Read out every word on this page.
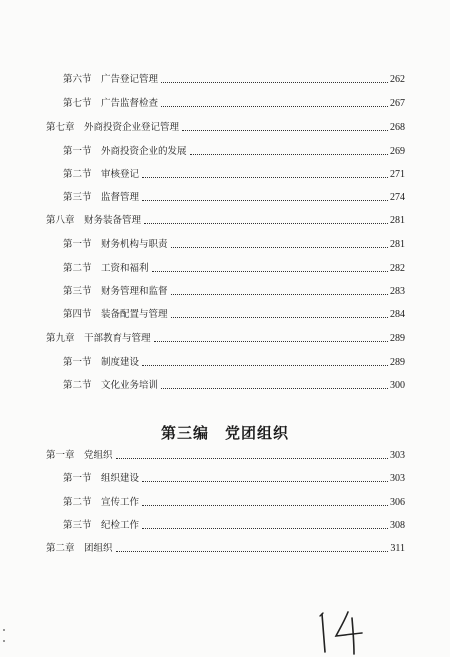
第六节　广告登记管理	262
第七节　广告监督检查	267
第七章　外商投资企业登记管理	268
第一节　外商投资企业的发展	269
第二节　审核登记	271
第三节　监督管理	274
第八章　财务装备管理	281
第一节　财务机构与职责	281
第二节　工资和福利	282
第三节　财务管理和监督	283
第四节　装备配置与管理	284
第九章　干部教育与管理	289
第一节　制度建设	289
第二节　文化业务培训	300
第三编 党团组织
第一章　党组织	303
第一节　组织建设	303
第二节　宣传工作	306
第三节　纪检工作	308
第二章　团组织	311
